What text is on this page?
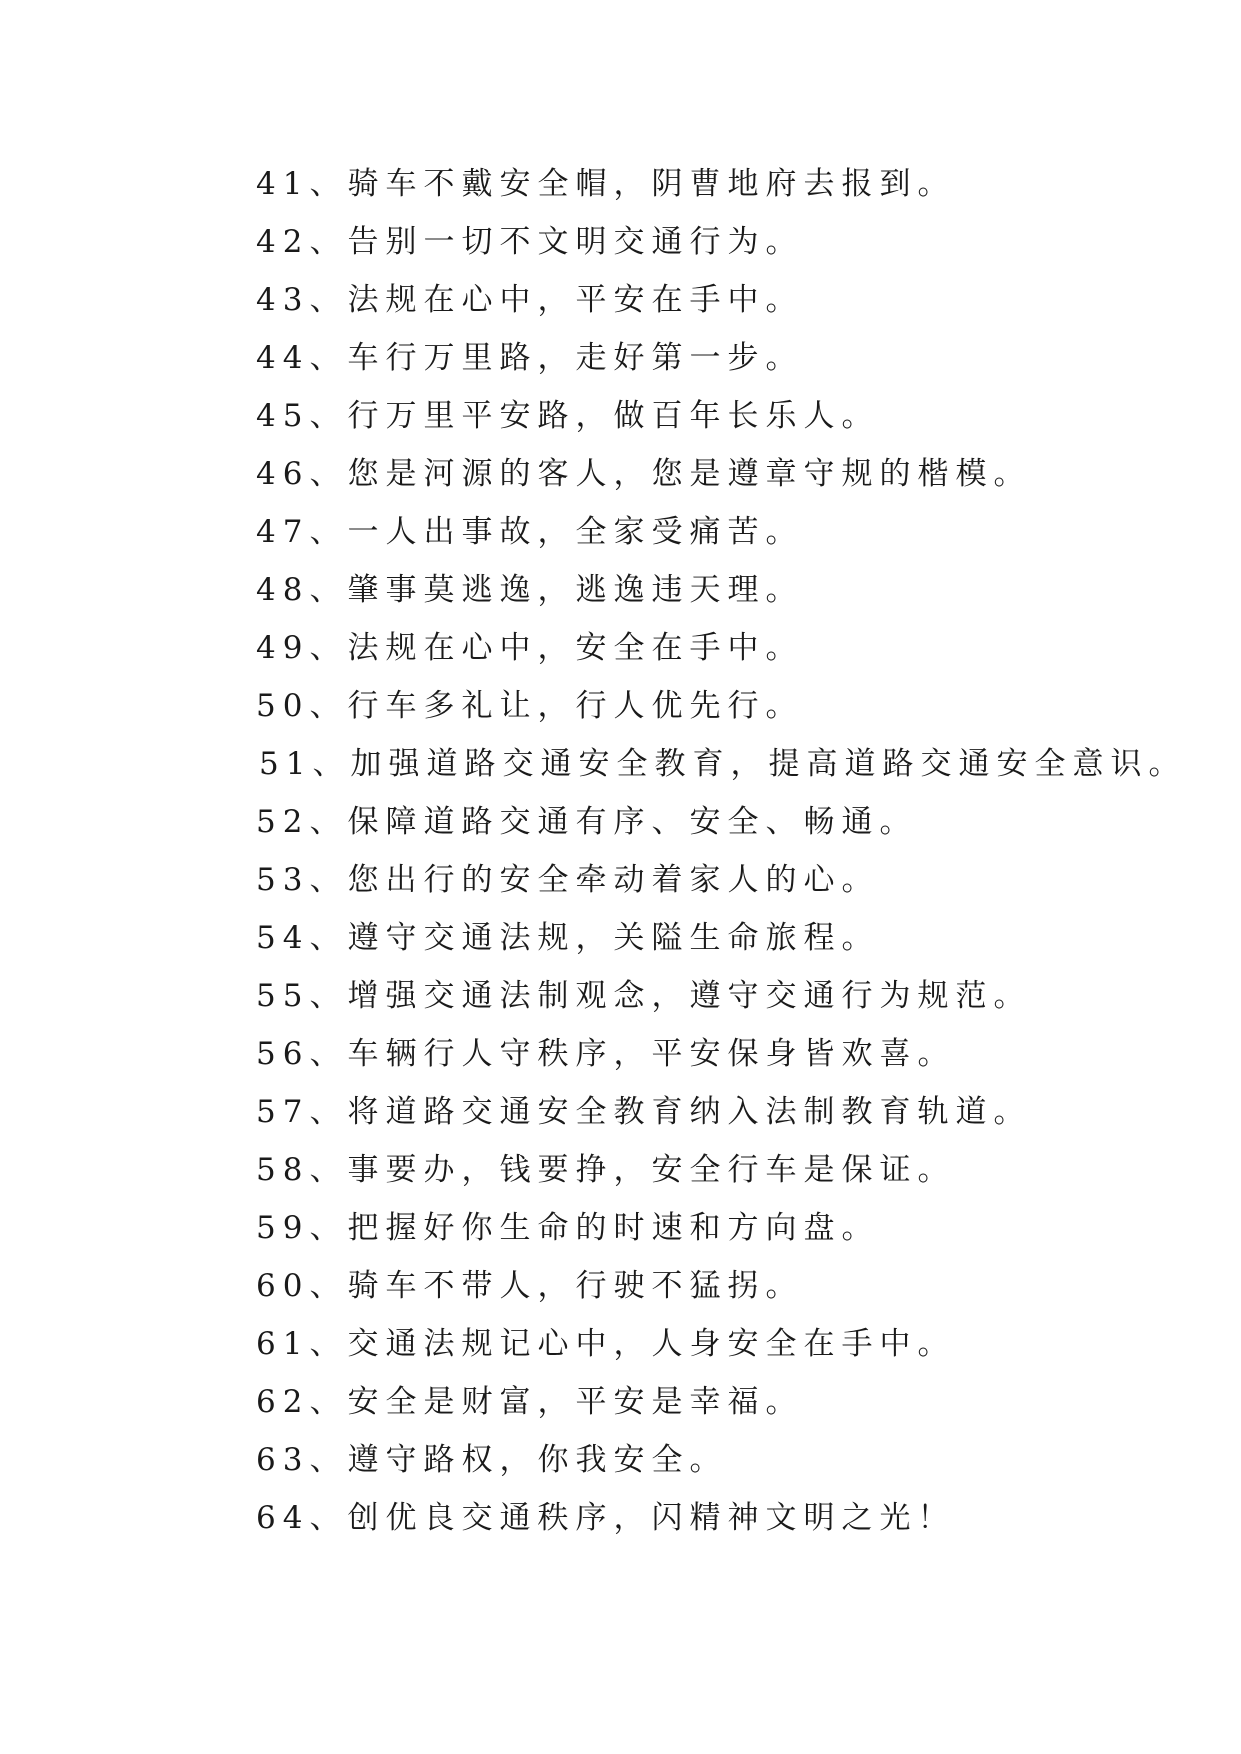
41、骑车不戴安全帽，阴曹地府去报到。
42、告别一切不文明交通行为。
43、法规在心中，平安在手中。
44、车行万里路，走好第一步。
45、行万里平安路，做百年长乐人。
46、您是河源的客人，您是遵章守规的楷模。
47、一人出事故，全家受痛苦。
48、肇事莫逃逸，逃逸违天理。
49、法规在心中，安全在手中。
50、行车多礼让，行人优先行。
51、加强道路交通安全教育，提高道路交通安全意识。
52、保障道路交通有序、安全、畅通。
53、您出行的安全牵动着家人的心。
54、遵守交通法规，关隘生命旅程。
55、增强交通法制观念，遵守交通行为规范。
56、车辆行人守秩序，平安保身皆欢喜。
57、将道路交通安全教育纳入法制教育轨道。
58、事要办，钱要挣，安全行车是保证。
59、把握好你生命的时速和方向盘。
60、骑车不带人，行驶不猛拐。
61、交通法规记心中，人身安全在手中。
62、安全是财富，平安是幸福。
63、遵守路权，你我安全。
64、创优良交通秩序，闪精神文明之光！
